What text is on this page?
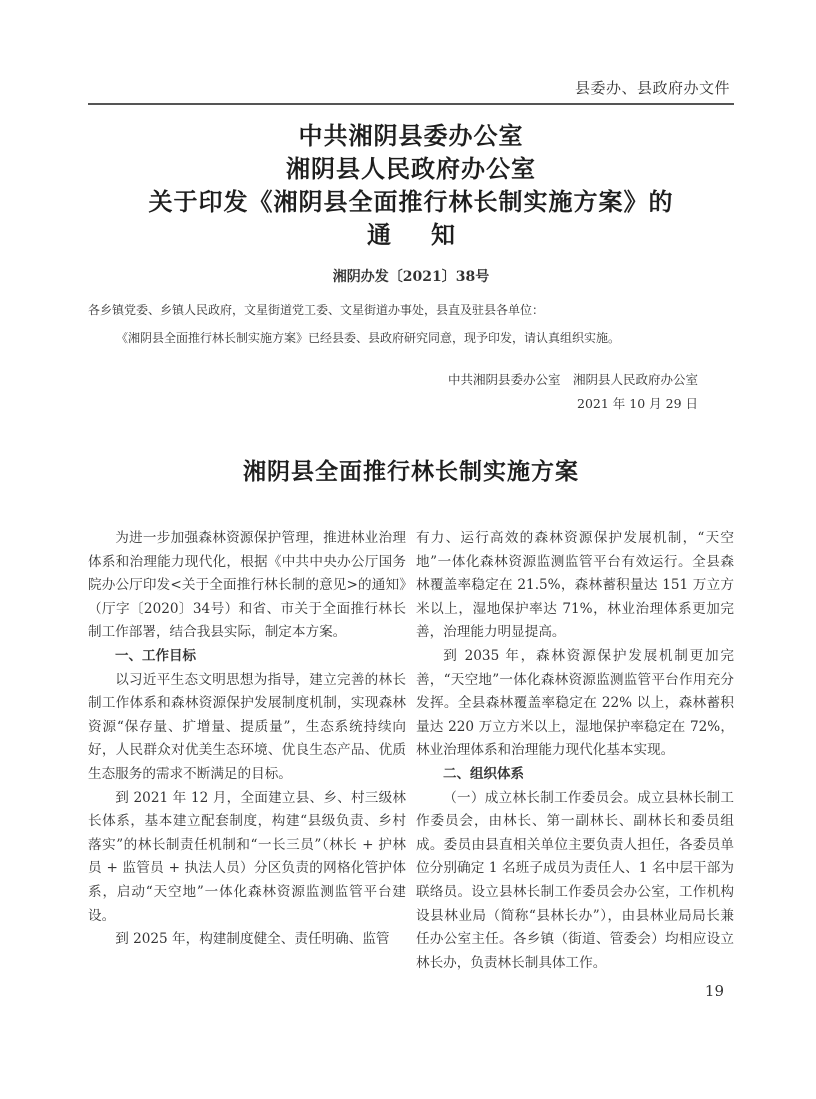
县委办、县政府办文件
中共湘阴县委办公室
湘阴县人民政府办公室
关于印发《湘阴县全面推行林长制实施方案》的
通知
湘阴办发〔2021〕38号
各乡镇党委、乡镇人民政府，文星街道党工委、文星街道办事处，县直及驻县各单位：
《湘阴县全面推行林长制实施方案》已经县委、县政府研究同意，现予印发，请认真组织实施。
中共湘阴县委办公室　湘阴县人民政府办公室
2021 年 10 月 29 日
湘阴县全面推行林长制实施方案

为进一步加强森林资源保护管理，推进林业治理体系和治理能力现代化，根据《中共中央办公厅国务院办公厅印发<关于全面推行林长制的意见>的通知》（厅字〔2020〕34号）和省、市关于全面推行林长制工作部署，结合我县实际，制定本方案。

一、工作目标

以习近平生态文明思想为指导，建立完善的林长制工作体系和森林资源保护发展制度机制，实现森林资源“保存量、扩增量、提质量”，生态系统持续向好，人民群众对优美生态环境、优良生态产品、优质生态服务的需求不断满足的目标。

到 2021 年 12 月，全面建立县、乡、村三级林长体系，基本建立配套制度，构建“县级负责、乡村落实”的林长制责任机制和“一长三员”（林长 + 护林员 + 监管员 + 执法人员）分区负责的网格化管护体系，启动“天空地”一体化森林资源监测监管平台建设。

到 2025 年，构建制度健全、责任明确、监管

有力、运行高效的森林资源保护发展机制，“天空地”一体化森林资源监测监管平台有效运行。全县森林覆盖率稳定在 21.5%，森林蓄积量达 151 万立方米以上，湿地保护率达 71%，林业治理体系更加完善，治理能力明显提高。

到 2035 年，森林资源保护发展机制更加完善，“天空地”一体化森林资源监测监管平台作用充分发挥。全县森林覆盖率稳定在 22% 以上，森林蓄积量达 220 万立方米以上，湿地保护率稳定在 72%，林业治理体系和治理能力现代化基本实现。

二、组织体系

（一）成立林长制工作委员会。成立县林长制工作委员会，由林长、第一副林长、副林长和委员组成。委员由县直相关单位主要负责人担任，各委员单位分别确定 1 名班子成员为责任人、1 名中层干部为联络员。设立县林长制工作委员会办公室，工作机构设县林业局（简称“县林长办”），由县林业局局长兼任办公室主任。各乡镇（街道、管委会）均相应设立林长办，负责林长制具体工作。

19
